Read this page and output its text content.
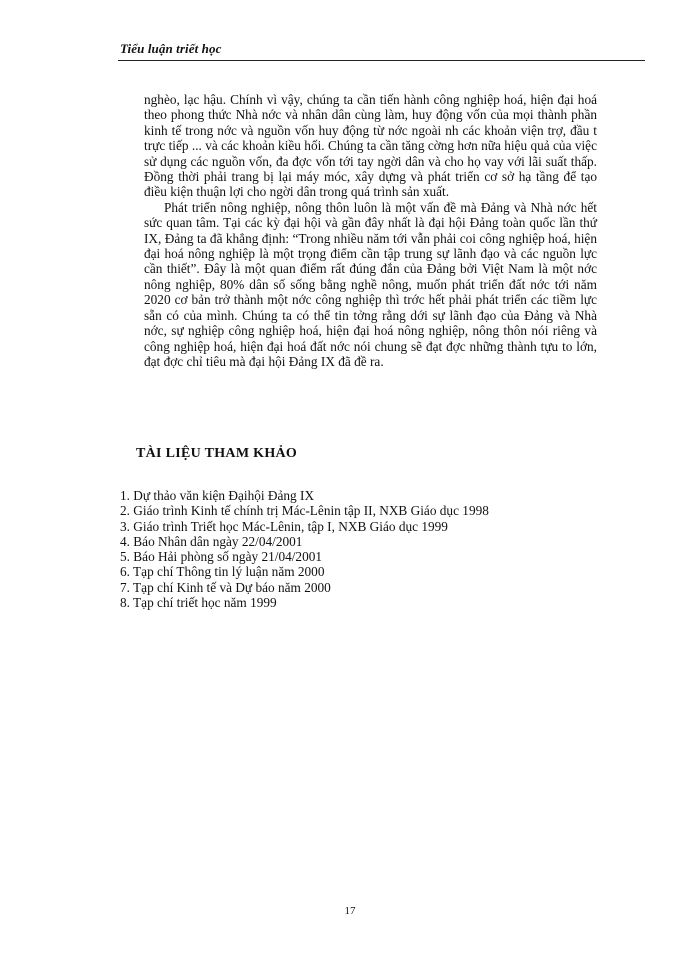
Tiểu luận triết học

nghèo, lạc hậu. Chính vì vậy, chúng ta cần tiến hành công nghiệp hoá, hiện đại hoá theo phong thức Nhà nớc và nhân dân cùng làm, huy động vốn của mọi thành phần kinh tế trong nớc và nguồn vốn huy động từ nớc ngoài nh các khoản viện trợ, đầu t trực tiếp ... và các khoản kiều hối. Chúng ta cần tăng cờng hơn nữa hiệu quả của việc sử dụng các nguồn vốn, đa đợc vốn tới tay ngời dân và cho họ vay với lãi suất thấp. Đồng thời phải trang bị lại máy móc, xây dựng và phát triển cơ sở hạ tầng để tạo điều kiện thuận lợi cho ngời dân trong quá trình sản xuất.

Phát triển nông nghiệp, nông thôn luôn là một vấn đề mà Đảng và Nhà nớc hết sức quan tâm. Tại các kỳ đại hội và gần đây nhất là đại hội Đảng toàn quốc lần thứ IX, Đảng ta đã khẳng định: “Trong nhiều năm tới vẫn phải coi công nghiệp hoá, hiện đại hoá nông nghiệp là một trọng điểm cần tập trung sự lãnh đạo và các nguồn lực cần thiết”. Đây là một quan điểm rất đúng đắn của Đảng bởi Việt Nam là một nớc nông nghiệp, 80% dân số sống bằng nghề nông, muốn phát triển đất nớc tới năm 2020 cơ bản trở thành một nớc công nghiệp thì trớc hết phải phát triển các tiềm lực sẵn có của mình. Chúng ta có thể tin tởng rằng dới sự lãnh đạo của Đảng và Nhà nớc, sự nghiệp công nghiệp hoá, hiện đại hoá nông nghiệp, nông thôn nói riêng và công nghiệp hoá, hiện đại hoá đất nớc nói chung sẽ đạt đợc những thành tựu to lớn, đạt đợc chỉ tiêu mà đại hội Đảng IX đã đề ra.

TÀI LIỆU THAM KHẢO
1. Dự thảo văn kiện Đạihội Đảng IX
2. Giáo trình Kinh tế chính trị Mác-Lênin tập II, NXB Giáo dục 1998
3. Giáo trình Triết học Mác-Lênin, tập I, NXB Giáo dục 1999
4. Báo Nhân dân ngày 22/04/2001
5. Báo Hải phòng số ngày 21/04/2001
6. Tạp chí Thông tin lý luận năm 2000
7. Tạp chí Kinh tế và Dự báo năm 2000
8. Tạp chí triết học năm 1999
17
